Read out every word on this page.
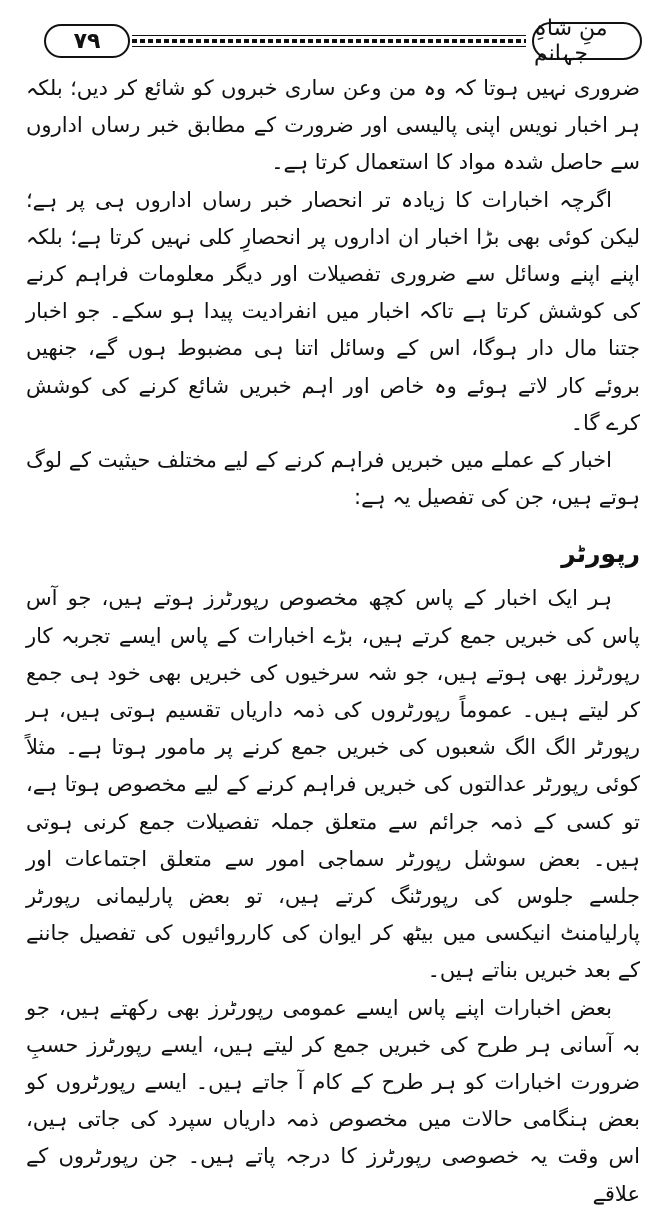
۷۹	منِ شاہِ جہانم

ضروری نہیں ہوتا کہ وہ من وعن ساری خبروں کو شائع کر دیں؛ بلکہ ہر اخبار نویس اپنی پالیسی اور ضرورت کے مطابق خبر رساں اداروں سے حاصل شدہ مواد کا استعمال کرتا ہے۔

اگرچہ اخبارات کا زیادہ تر انحصار خبر رساں اداروں ہی پر ہے؛ لیکن کوئی بھی بڑا اخبار ان اداروں پر انحصارِ کلی نہیں کرتا ہے؛ بلکہ اپنے اپنے وسائل سے ضروری تفصیلات اور دیگر معلومات فراہم کرنے کی کوشش کرتا ہے تاکہ اخبار میں انفرادیت پیدا ہو سکے۔ جو اخبار جتنا مال دار ہوگا، اس کے وسائل اتنا ہی مضبوط ہوں گے، جنھیں بروئے کار لاتے ہوئے وہ خاص اور اہم خبریں شائع کرنے کی کوشش کرے گا۔

اخبار کے عملے میں خبریں فراہم کرنے کے لیے مختلف حیثیت کے لوگ ہوتے ہیں، جن کی تفصیل یہ ہے:

رپورٹر

ہر ایک اخبار کے پاس کچھ مخصوص رپورٹرز ہوتے ہیں، جو آس پاس کی خبریں جمع کرتے ہیں، بڑے اخبارات کے پاس ایسے تجربہ کار رپورٹرز بھی ہوتے ہیں، جو شہ سرخیوں کی خبریں بھی خود ہی جمع کر لیتے ہیں۔ عموماً رپورٹروں کی ذمہ داریاں تقسیم ہوتی ہیں، ہر رپورٹر الگ الگ شعبوں کی خبریں جمع کرنے پر مامور ہوتا ہے۔ مثلاً کوئی رپورٹر عدالتوں کی خبریں فراہم کرنے کے لیے مخصوص ہوتا ہے، تو کسی کے ذمہ جرائم سے متعلق جملہ تفصیلات جمع کرنی ہوتی ہیں۔ بعض سوشل رپورٹر سماجی امور سے متعلق اجتماعات اور جلسے جلوس کی رپورٹنگ کرتے ہیں، تو بعض پارلیمانی رپورٹر پارلیامنٹ انیکسی میں بیٹھ کر ایوان کی کارروائیوں کی تفصیل جاننے کے بعد خبریں بناتے ہیں۔

بعض اخبارات اپنے پاس ایسے عمومی رپورٹرز بھی رکھتے ہیں، جو بہ آسانی ہر طرح کی خبریں جمع کر لیتے ہیں، ایسے رپورٹرز حسبِ ضرورت اخبارات کو ہر طرح کے کام آ جاتے ہیں۔ ایسے رپورٹروں کو بعض ہنگامی حالات میں مخصوص ذمہ داریاں سپرد کی جاتی ہیں، اس وقت یہ خصوصی رپورٹرز کا درجہ پاتے ہیں۔ جن رپورٹروں کے علاقے
